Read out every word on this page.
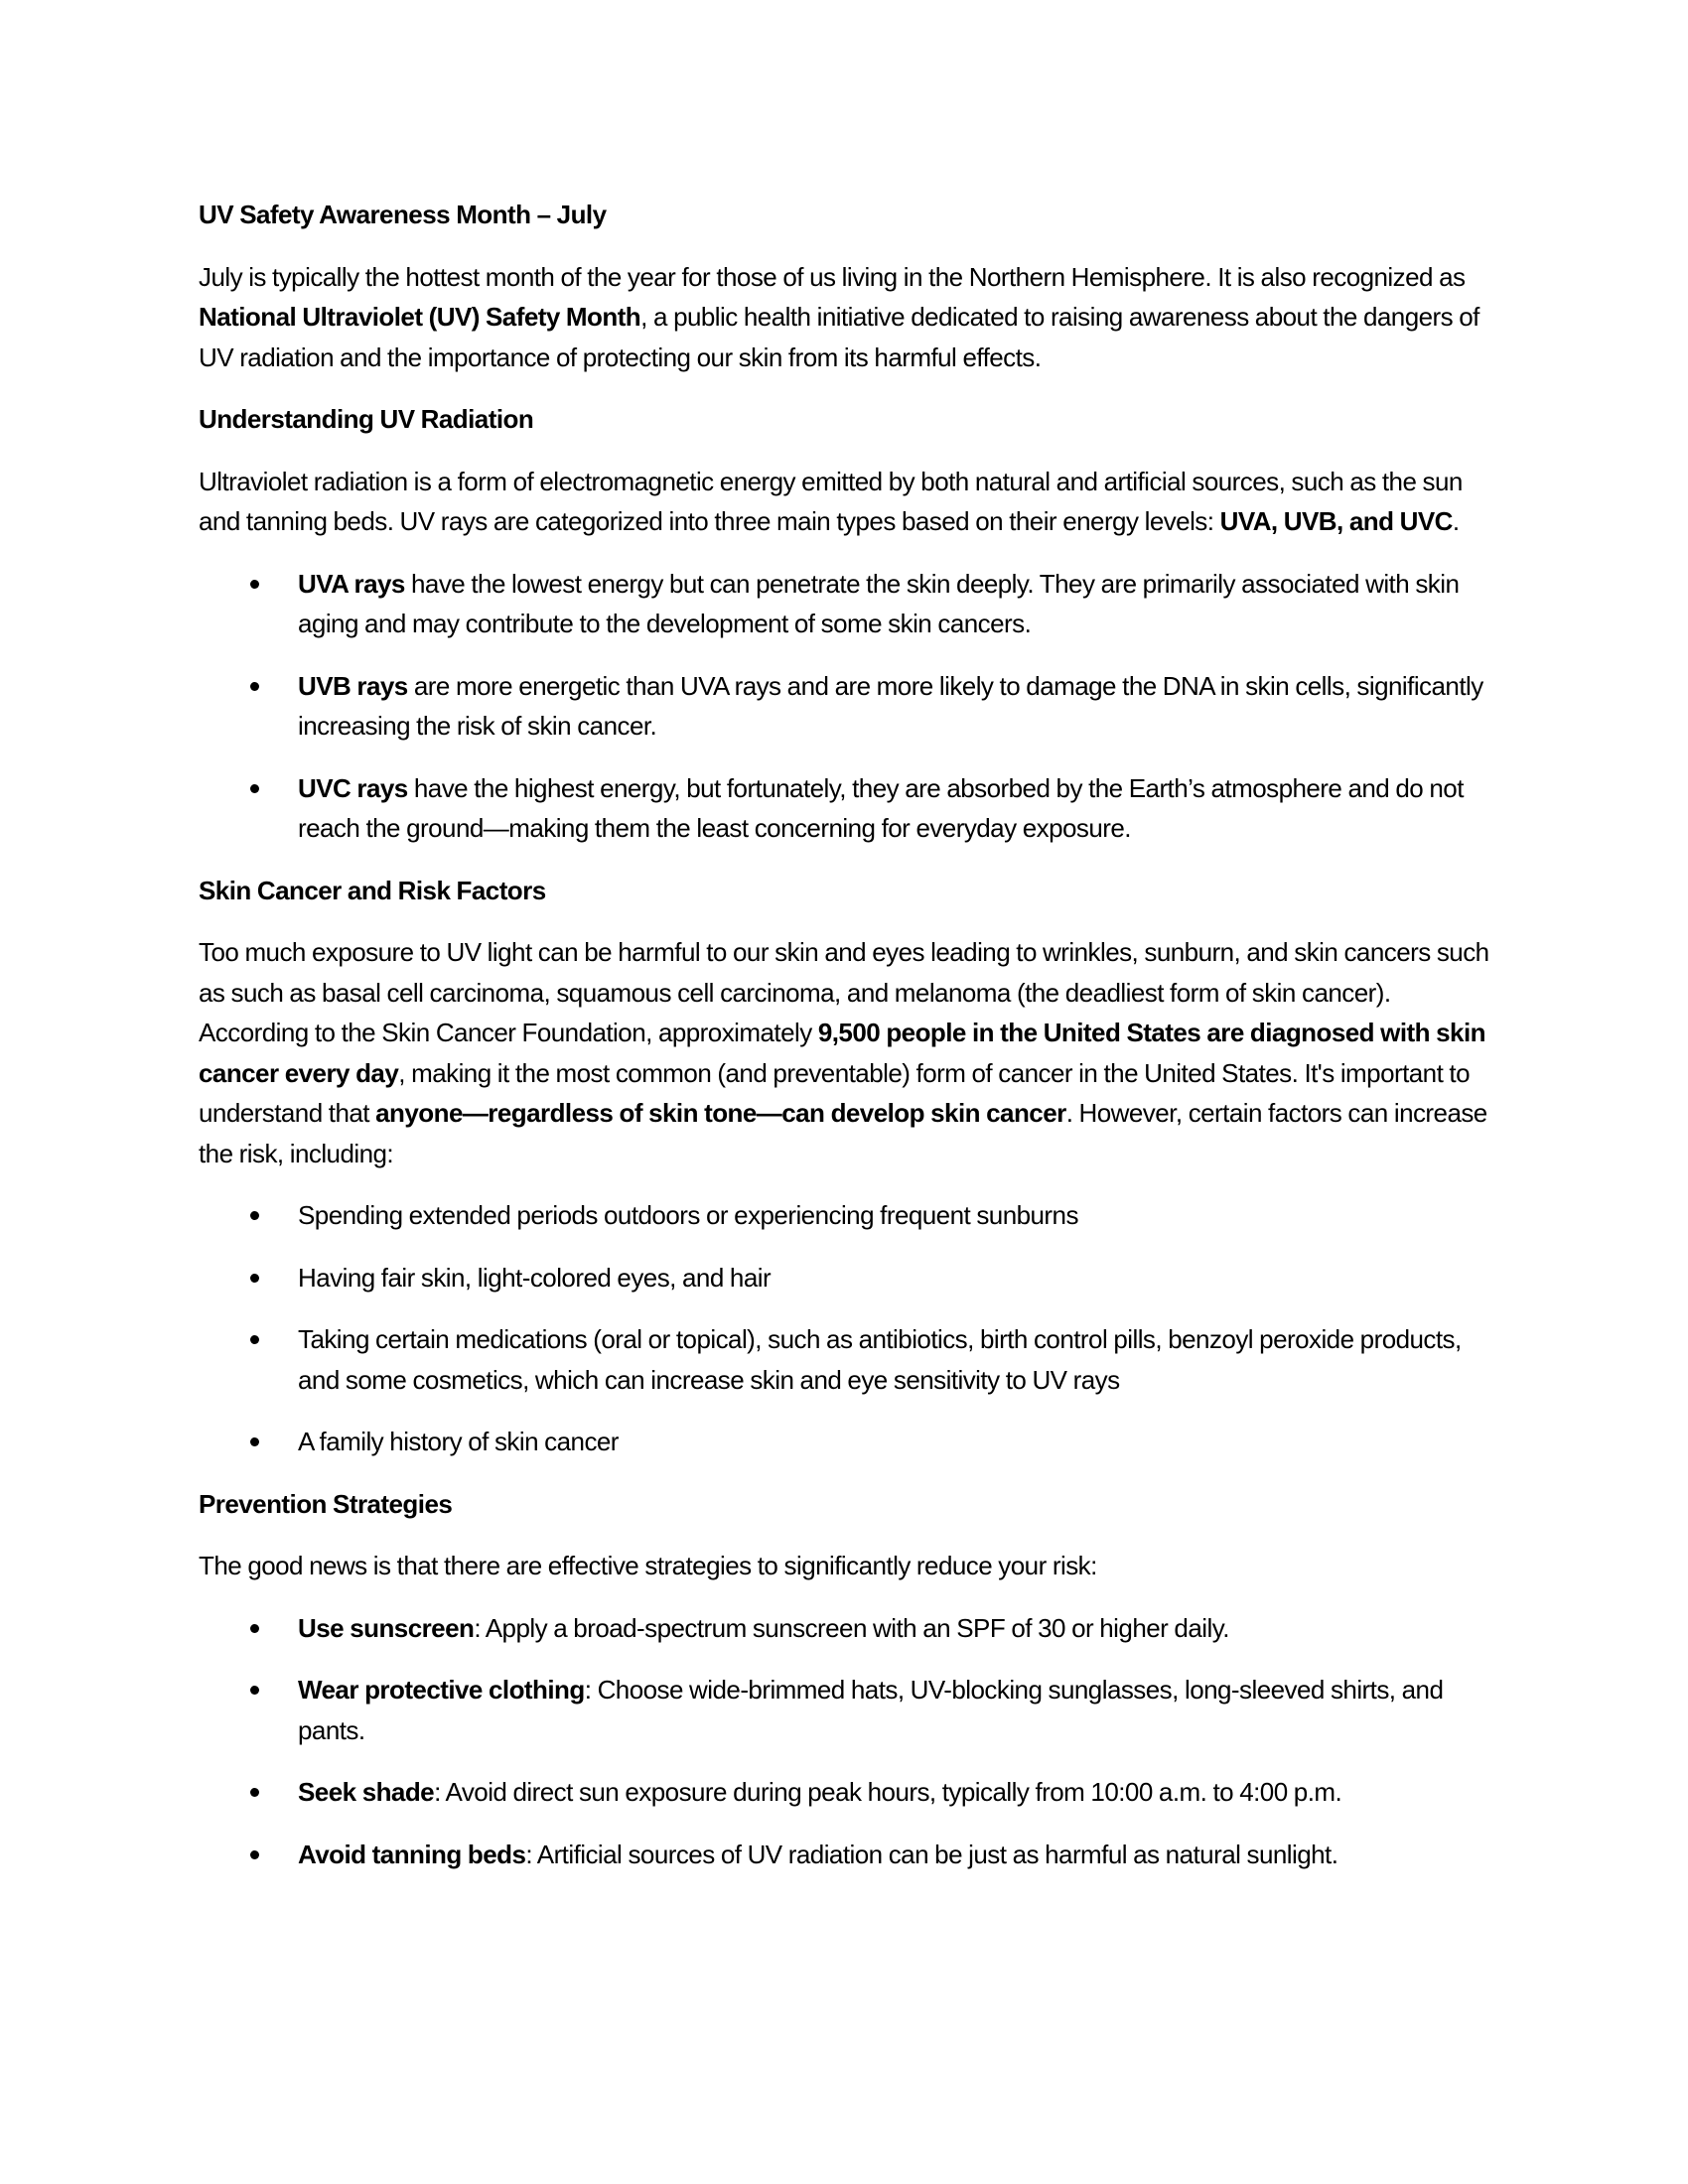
UV Safety Awareness Month – July

July is typically the hottest month of the year for those of us living in the Northern Hemisphere. It is also recognized as National Ultraviolet (UV) Safety Month, a public health initiative dedicated to raising awareness about the dangers of UV radiation and the importance of protecting our skin from its harmful effects.

Understanding UV Radiation

Ultraviolet radiation is a form of electromagnetic energy emitted by both natural and artificial sources, such as the sun and tanning beds. UV rays are categorized into three main types based on their energy levels: UVA, UVB, and UVC.

UVA rays have the lowest energy but can penetrate the skin deeply. They are primarily associated with skin aging and may contribute to the development of some skin cancers.
UVB rays are more energetic than UVA rays and are more likely to damage the DNA in skin cells, significantly increasing the risk of skin cancer.
UVC rays have the highest energy, but fortunately, they are absorbed by the Earth’s atmosphere and do not reach the ground—making them the least concerning for everyday exposure.

Skin Cancer and Risk Factors

Too much exposure to UV light can be harmful to our skin and eyes leading to wrinkles, sunburn, and skin cancers such as such as basal cell carcinoma, squamous cell carcinoma, and melanoma (the deadliest form of skin cancer). According to the Skin Cancer Foundation, approximately 9,500 people in the United States are diagnosed with skin cancer every day, making it the most common (and preventable) form of cancer in the United States. It's important to understand that anyone—regardless of skin tone—can develop skin cancer. However, certain factors can increase the risk, including:

Spending extended periods outdoors or experiencing frequent sunburns
Having fair skin, light-colored eyes, and hair
Taking certain medications (oral or topical), such as antibiotics, birth control pills, benzoyl peroxide products, and some cosmetics, which can increase skin and eye sensitivity to UV rays
A family history of skin cancer

Prevention Strategies

The good news is that there are effective strategies to significantly reduce your risk:

Use sunscreen: Apply a broad-spectrum sunscreen with an SPF of 30 or higher daily.
Wear protective clothing: Choose wide-brimmed hats, UV-blocking sunglasses, long-sleeved shirts, and pants.
Seek shade: Avoid direct sun exposure during peak hours, typically from 10:00 a.m. to 4:00 p.m.
Avoid tanning beds: Artificial sources of UV radiation can be just as harmful as natural sunlight.
